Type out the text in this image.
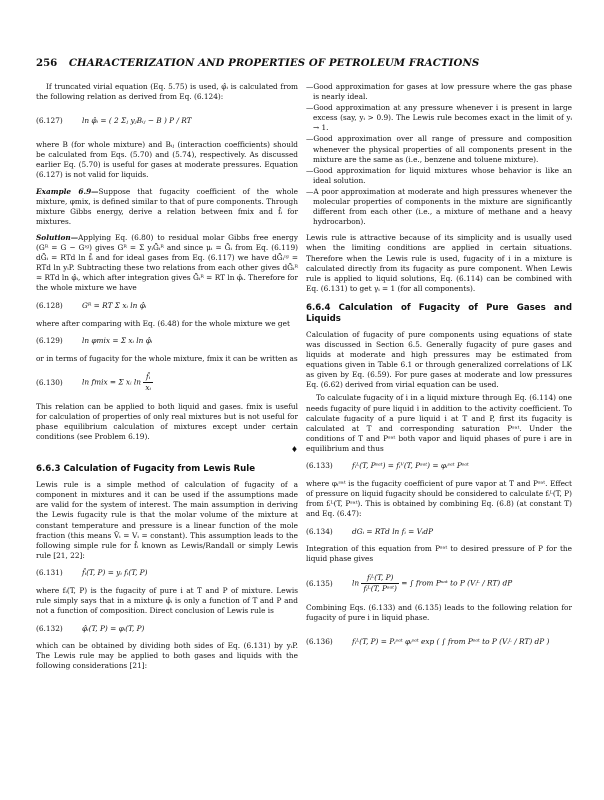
256 CHARACTERIZATION AND PROPERTIES OF PETROLEUM FRACTIONS

If truncated virial equation (Eq. 5.75) is used, φ̂ᵢ is calculated from the following relation as derived from Eq. (6.124):

(6.127)	ln φ̂ᵢ = ( 2 Σⱼ yⱼBᵢⱼ − B ) P / RT

where B (for whole mixture) and Bᵢⱼ (interaction coefficients) should be calculated from Eqs. (5.70) and (5.74), respectively. As discussed earlier Eq. (5.70) is useful for gases at moderate pressures. Equation (6.127) is not valid for liquids.

Example 6.9—Suppose that fugacity coefficient of the whole mixture, φmix, is defined similar to that of pure components. Through mixture Gibbs energy, derive a relation between fmix and f̂ᵢ for mixtures.

Solution—Applying Eq. (6.80) to residual molar Gibbs free energy (Gᴿ = G − Gᶦᵍ) gives Gᴿ = Σ yᵢḠᵢᴿ and since μᵢ = Ḡᵢ from Eq. (6.119) dḠᵢ = RTd ln f̂ᵢ and for ideal gases from Eq. (6.117) we have dḠᵢᶦᵍ = RTd ln yᵢP. Subtracting these two relations from each other gives dḠᵢᴿ = RTd ln φ̂ᵢ, which after integration gives Ḡᵢᴿ = RT ln φ̂ᵢ. Therefore for the whole mixture we have

(6.128)	Gᴿ = RT Σ xᵢ ln φ̂ᵢ

where after comparing with Eq. (6.48) for the whole mixture we get

(6.129)	ln φmix = Σ xᵢ ln φ̂ᵢ

or in terms of fugacity for the whole mixture, fmix it can be written as

(6.130)	ln fmix = Σ xᵢ $\ln \frac{\text{f̂ᵢ}}{\text{xᵢ}}$

This relation can be applied to both liquid and gases. fmix is useful for calculation of properties of only real mixtures but is not useful for phase equilibrium calculation of mixtures except under certain conditions (see Problem 6.19).

♦
6.6.3 Calculation of Fugacity from Lewis Rule

Lewis rule is a simple method of calculation of fugacity of a component in mixtures and it can be used if the assumptions made are valid for the system of interest. The main assumption in deriving the Lewis fugacity rule is that the molar volume of the mixture at constant temperature and pressure is a linear function of the mole fraction (this means V̄ᵢ = Vᵢ = constant). This assumption leads to the following simple rule for f̂ᵢ known as Lewis/Randall or simply Lewis rule [21, 22]:

(6.131)	f̂ᵢ(T, P) = yᵢ fᵢ(T, P)

where fᵢ(T, P) is the fugacity of pure i at T and P of mixture. Lewis rule simply says that in a mixture φ̂ᵢ is only a function of T and P and not a function of composition. Direct conclusion of Lewis rule is

(6.132)	φ̂ᵢ(T, P) = φᵢ(T, P)

which can be obtained by dividing both sides of Eq. (6.131) by yᵢP. The Lewis rule may be applied to both gases and liquids with the following considerations [21]:

—Good approximation for gases at low pressure where the gas phase is nearly ideal.

—Good approximation at any pressure whenever i is present in large excess (say, yᵢ > 0.9). The Lewis rule becomes exact in the limit of yᵢ → 1.

—Good approximation over all range of pressure and composition whenever the physical properties of all components present in the mixture are the same as (i.e., benzene and toluene mixture).

—Good approximation for liquid mixtures whose behavior is like an ideal solution.

—A poor approximation at moderate and high pressures whenever the molecular properties of components in the mixture are significantly different from each other (i.e., a mixture of methane and a heavy hydrocarbon).

Lewis rule is attractive because of its simplicity and is usually used when the limiting conditions are applied in certain situations. Therefore when the Lewis rule is used, fugacity of i in a mixture is calculated directly from its fugacity as pure component. When Lewis rule is applied to liquid solutions, Eq. (6.114) can be combined with Eq. (6.131) to get γᵢ = 1 (for all components).

6.6.4 Calculation of Fugacity of Pure Gases and Liquids

Calculation of fugacity of pure components using equations of state was discussed in Section 6.5. Generally fugacity of pure gases and liquids at moderate and high pressures may be estimated from equations given in Table 6.1 or through generalized correlations of LK as given by Eq. (6.59). For pure gases at moderate and low pressures Eq. (6.62) derived from virial equation can be used.

To calculate fugacity of i in a liquid mixture through Eq. (6.114) one needs fugacity of pure liquid i in addition to the activity coefficient. To calculate fugacity of a pure liquid i at T and P, first its fugacity is calculated at T and corresponding saturation Pˢᵃᵗ. Under the conditions of T and Pˢᵃᵗ both vapor and liquid phases of pure i are in equilibrium and thus

(6.133)	fᵢᴸ(T, Pˢᵃᵗ) = fᵢⱽ(T, Pˢᵃᵗ) = φᵢˢᵃᵗ Pˢᵃᵗ

where φᵢˢᵃᵗ is the fugacity coefficient of pure vapor at T and Pˢᵃᵗ. Effect of pressure on liquid fugacity should be considered to calculate fᵢᴸ(T, P) from fᵢᴸ(T, Pˢᵃᵗ). This is obtained by combining Eq. (6.8) (at constant T) and Eq. (6.47):

(6.134)	dGᵢ = RTd ln fᵢ = VᵢdP

Integration of this equation from Pˢᵃᵗ to desired pressure of P for the liquid phase gives

(6.135)	$\ln \frac{\text{fᵢᴸ(T, P)}}{\text{fᵢᴸ(T, Pˢᵃᵗ)}}$ = ∫ from Pˢᵃᵗ to P (Vᵢᴸ / RT) dP

Combining Eqs. (6.133) and (6.135) leads to the following relation for fugacity of pure i in liquid phase.

(6.136)	fᵢᴸ(T, P) = Pᵢˢᵃᵗ φᵢˢᵃᵗ exp ( ∫ from Pˢᵃᵗ to P (Vᵢᴸ / RT) dP )
